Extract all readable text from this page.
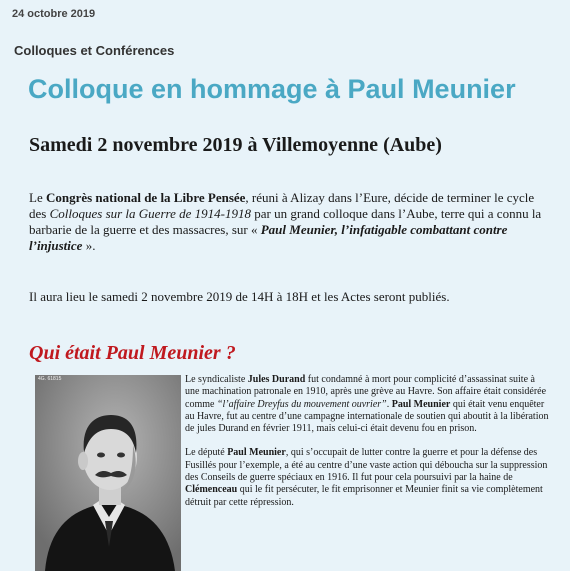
24 octobre 2019
Colloques et Conférences
Colloque en hommage à Paul Meunier
Samedi 2 novembre 2019 à Villemoyenne (Aube)

Le Congrès national de la Libre Pensée, réuni à Alizay dans l’Eure, décide de terminer le cycle des Colloques sur la Guerre de 1914-1918 par un grand colloque dans l’Aube, terre qui a connu la barbarie de la guerre et des massacres, sur « Paul Meunier, l’infatigable combattant contre l’injustice ».

Il aura lieu le samedi 2 novembre 2019 de 14H à 18H et les Actes seront publiés.

Qui était Paul Meunier ?
4G. 61815	Le syndicaliste Jules Durand fut condamné à mort pour complicité d’assassinat suite à une machination patronale en 1910, après une grève au Havre. Son affaire était considérée comme “l’affaire Dreyfus du mouvement ouvrier”. Paul Meunier qui était venu enquêter au Havre, fut au centre d’une campagne internationale de soutien qui aboutit à la libération de jules Durand en février 1911, mais celui-ci était devenu fou en prison.

Le député Paul Meunier, qui s’occupait de lutter contre la guerre et pour la défense des Fusillés pour l’exemple, a été au centre d’une vaste action qui déboucha sur la suppression des Conseils de guerre spéciaux en 1916. Il fut pour cela poursuivi par la haine de Clémenceau qui le fit persécuter, le fit emprisonner et Meunier finit sa vie complètement détruit par cette répression.
